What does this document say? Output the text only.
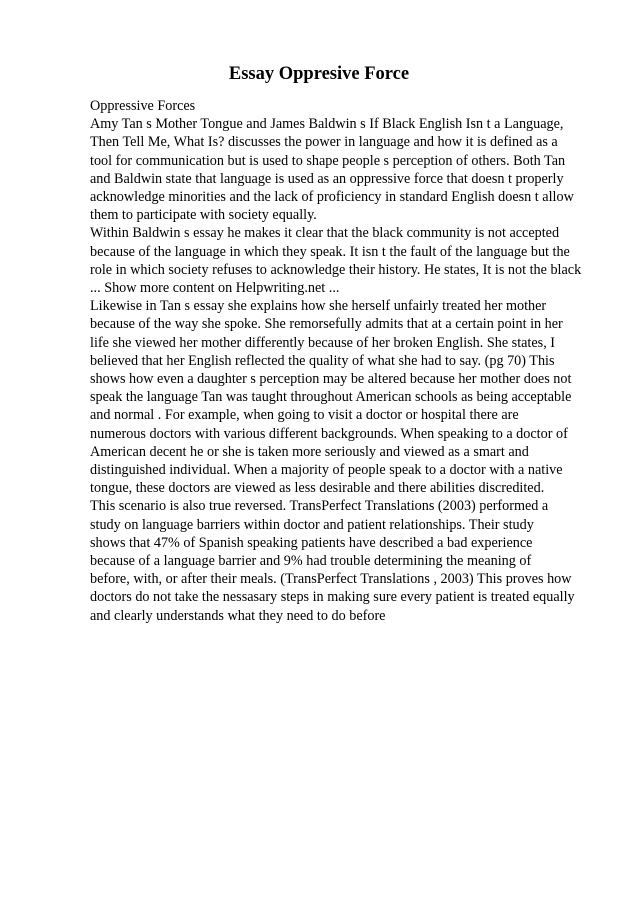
Essay Oppresive Force
Oppressive Forces
Amy Tan s Mother Tongue and James Baldwin s If Black English Isn t a Language,
Then Tell Me, What Is? discusses the power in language and how it is defined as a
tool for communication but is used to shape people s perception of others. Both Tan
and Baldwin state that language is used as an oppressive force that doesn t properly
acknowledge minorities and the lack of proficiency in standard English doesn t allow
them to participate with society equally.
Within Baldwin s essay he makes it clear that the black community is not accepted
because of the language in which they speak. It isn t the fault of the language but the
role in which society refuses to acknowledge their history. He states, It is not the black
... Show more content on Helpwriting.net ...
Likewise in Tan s essay she explains how she herself unfairly treated her mother
because of the way she spoke. She remorsefully admits that at a certain point in her
life she viewed her mother differently because of her broken English. She states, I
believed that her English reflected the quality of what she had to say. (pg 70) This
shows how even a daughter s perception may be altered because her mother does not
speak the language Tan was taught throughout American schools as being acceptable
and normal . For example, when going to visit a doctor or hospital there are
numerous doctors with various different backgrounds. When speaking to a doctor of
American decent he or she is taken more seriously and viewed as a smart and
distinguished individual. When a majority of people speak to a doctor with a native
tongue, these doctors are viewed as less desirable and there abilities discredited.
This scenario is also true reversed. TransPerfect Translations (2003) performed a
study on language barriers within doctor and patient relationships. Their study
shows that 47% of Spanish speaking patients have described a bad experience
because of a language barrier and 9% had trouble determining the meaning of
before, with, or after their meals. (TransPerfect Translations , 2003) This proves how
doctors do not take the nessasary steps in making sure every patient is treated equally
and clearly understands what they need to do before
